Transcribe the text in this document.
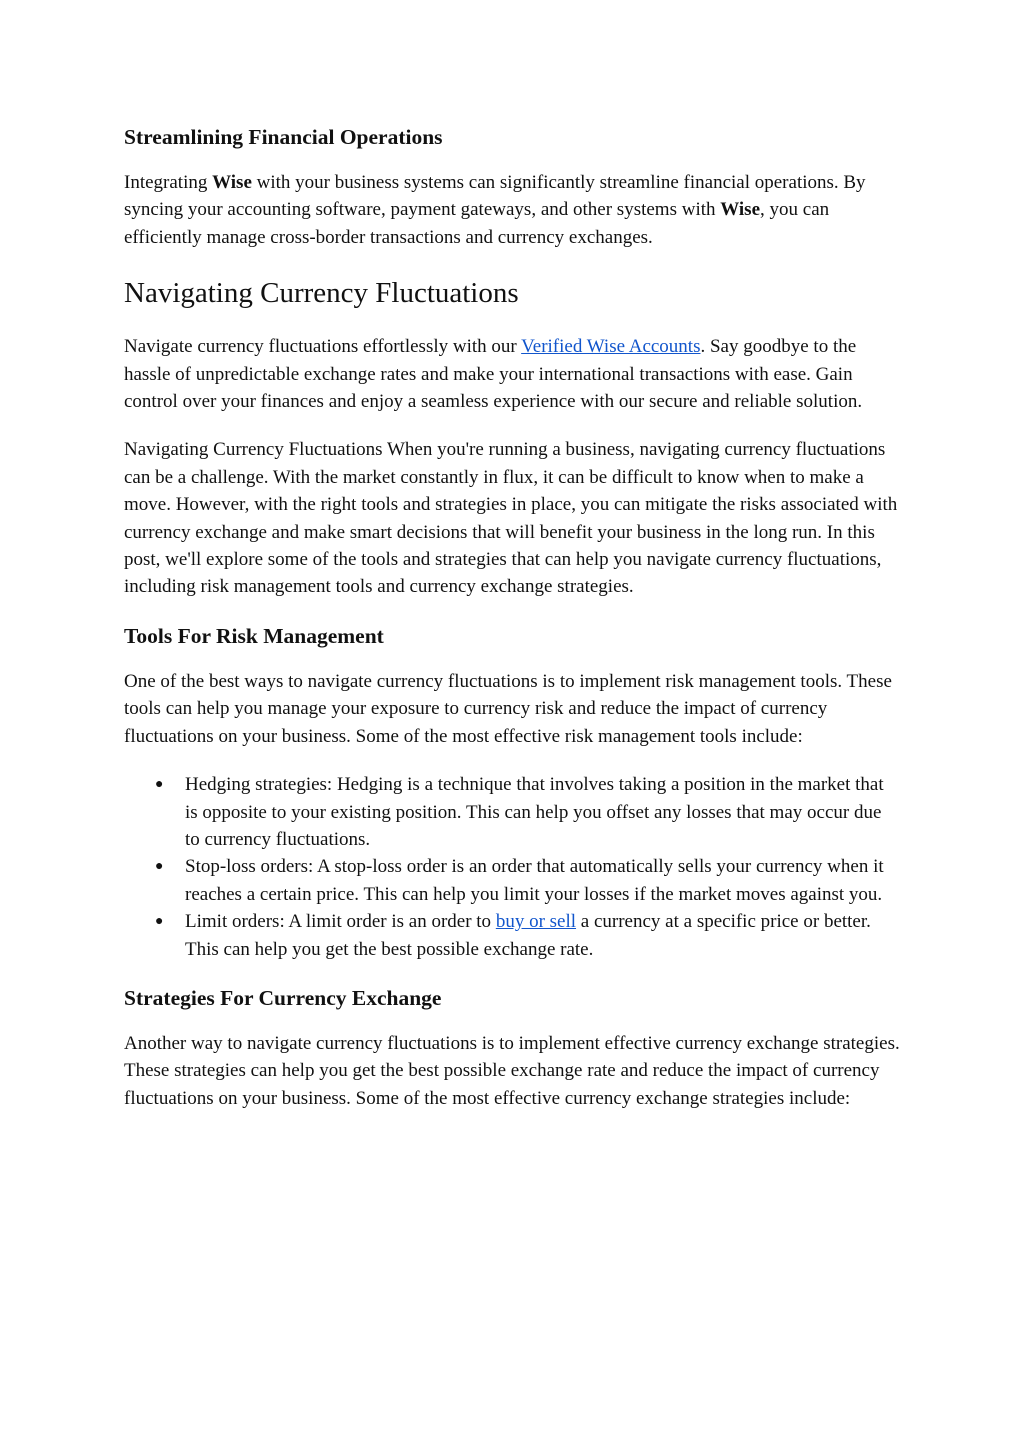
Streamlining Financial Operations

Integrating Wise with your business systems can significantly streamline financial operations. By syncing your accounting software, payment gateways, and other systems with Wise, you can efficiently manage cross-border transactions and currency exchanges.

Navigating Currency Fluctuations

Navigate currency fluctuations effortlessly with our Verified Wise Accounts. Say goodbye to the hassle of unpredictable exchange rates and make your international transactions with ease. Gain control over your finances and enjoy a seamless experience with our secure and reliable solution.

Navigating Currency Fluctuations When you're running a business, navigating currency fluctuations can be a challenge. With the market constantly in flux, it can be difficult to know when to make a move. However, with the right tools and strategies in place, you can mitigate the risks associated with currency exchange and make smart decisions that will benefit your business in the long run. In this post, we'll explore some of the tools and strategies that can help you navigate currency fluctuations, including risk management tools and currency exchange strategies.

Tools For Risk Management

One of the best ways to navigate currency fluctuations is to implement risk management tools. These tools can help you manage your exposure to currency risk and reduce the impact of currency fluctuations on your business. Some of the most effective risk management tools include:

● Hedging strategies: Hedging is a technique that involves taking a position in the market that is opposite to your existing position. This can help you offset any losses that may occur due to currency fluctuations.
● Stop-loss orders: A stop-loss order is an order that automatically sells your currency when it reaches a certain price. This can help you limit your losses if the market moves against you.
● Limit orders: A limit order is an order to buy or sell a currency at a specific price or better. This can help you get the best possible exchange rate.
Strategies For Currency Exchange

Another way to navigate currency fluctuations is to implement effective currency exchange strategies. These strategies can help you get the best possible exchange rate and reduce the impact of currency fluctuations on your business. Some of the most effective currency exchange strategies include:
